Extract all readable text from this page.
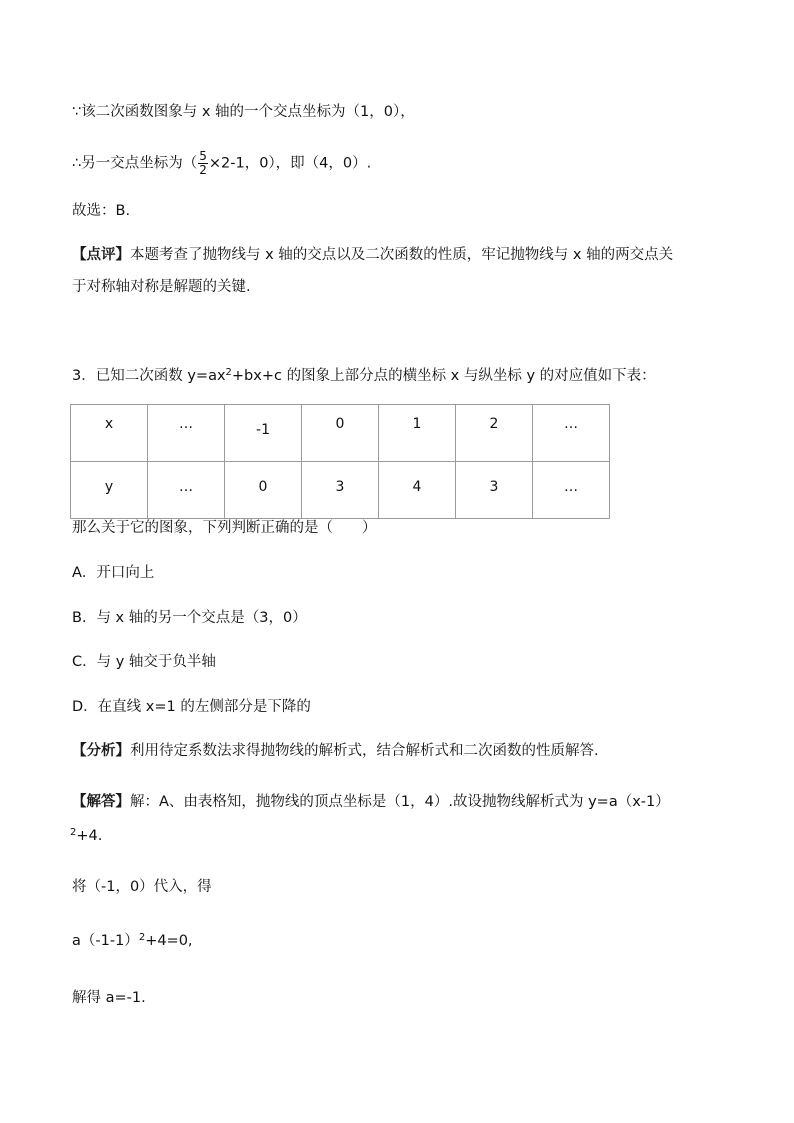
∵该二次函数图象与 x 轴的一个交点坐标为（1，0），
∴另一交点坐标为（ $\frac{5}{2} \times 2-1$，0），即（4，0）.
故选：B.
【点评】本题考查了抛物线与 x 轴的交点以及二次函数的性质，牢记抛物线与 x 轴的两交点关
于对称轴对称是解题的关键.
3．已知二次函数 $y=ax^2+bx+c$ 的图象上部分点的横坐标 x 与纵坐标 y 的对应值如下表：
x	…	-1	0	1	2	…
y	…	0	3	4	3	…
那么关于它的图象，下列判断正确的是（　　）
A．开口向上
B．与 x 轴的另一个交点是（3，0）
C．与 y 轴交于负半轴
D．在直线 x=1 的左侧部分是下降的
【分析】利用待定系数法求得抛物线的解析式，结合解析式和二次函数的性质解答.
【解答】解：A、由表格知，抛物线的顶点坐标是（1，4）.故设抛物线解析式为 y=a（x-1）
$^2$+4.
将（-1，0）代入，得
$a(-1-1)^2+4=0$,
解得 a=-1.
